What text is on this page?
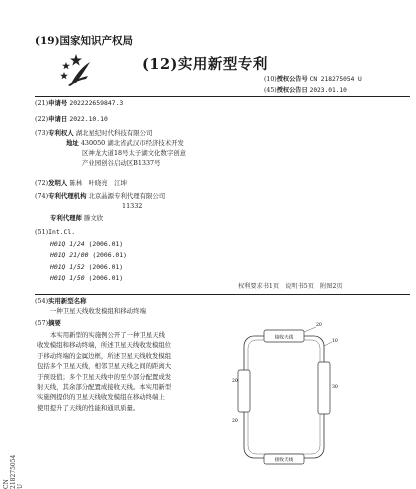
(19)国家知识产权局
(12)实用新型专利
(10)授权公告号 CN 218275054 U
(45)授权公告日 2023.01.10
(21)申请号 202222659847.3
(22)申请日 2022.10.10
(73)专利权人 湖北星纪时代科技有限公司
地址 430050 湖北省武汉市经济技术开发
区神龙大道18号太子湖文化数字创意
产业园创谷启动区B1337号
(72)发明人 陈林　叶晓亮　江坤
(74)专利代理机构 北京晶源专利代理有限公司
11332
专利代理师 滕文欣
(51)Int.Cl.
H01Q 1/24 (2006.01)
H01Q 21/00 (2006.01)
H01Q 1/52 (2006.01)
H01Q 1/50 (2006.01)
权利要求书1页　说明书5页　附图2页
(54)实用新型名称
一种卫星天线收发模组和移动终端
(57)摘要
本实用新型的实施例公开了一种卫星天线
收发模组和移动终端，所述卫星天线收发模组位
于移动终端的金属边框，所述卫星天线收发模组
包括多个卫星天线，相邻卫星天线之间的距离大
于预设值；多个卫星天线中的至少部分配置成发
射天线，其余部分配置成接收天线。本实用新型
实施例提供的卫星天线收发模组在移动终端上
使用提升了天线的性能和通讯质量。
接收天线
接收天线
20
10
20
20
30
CN 218275054 U
